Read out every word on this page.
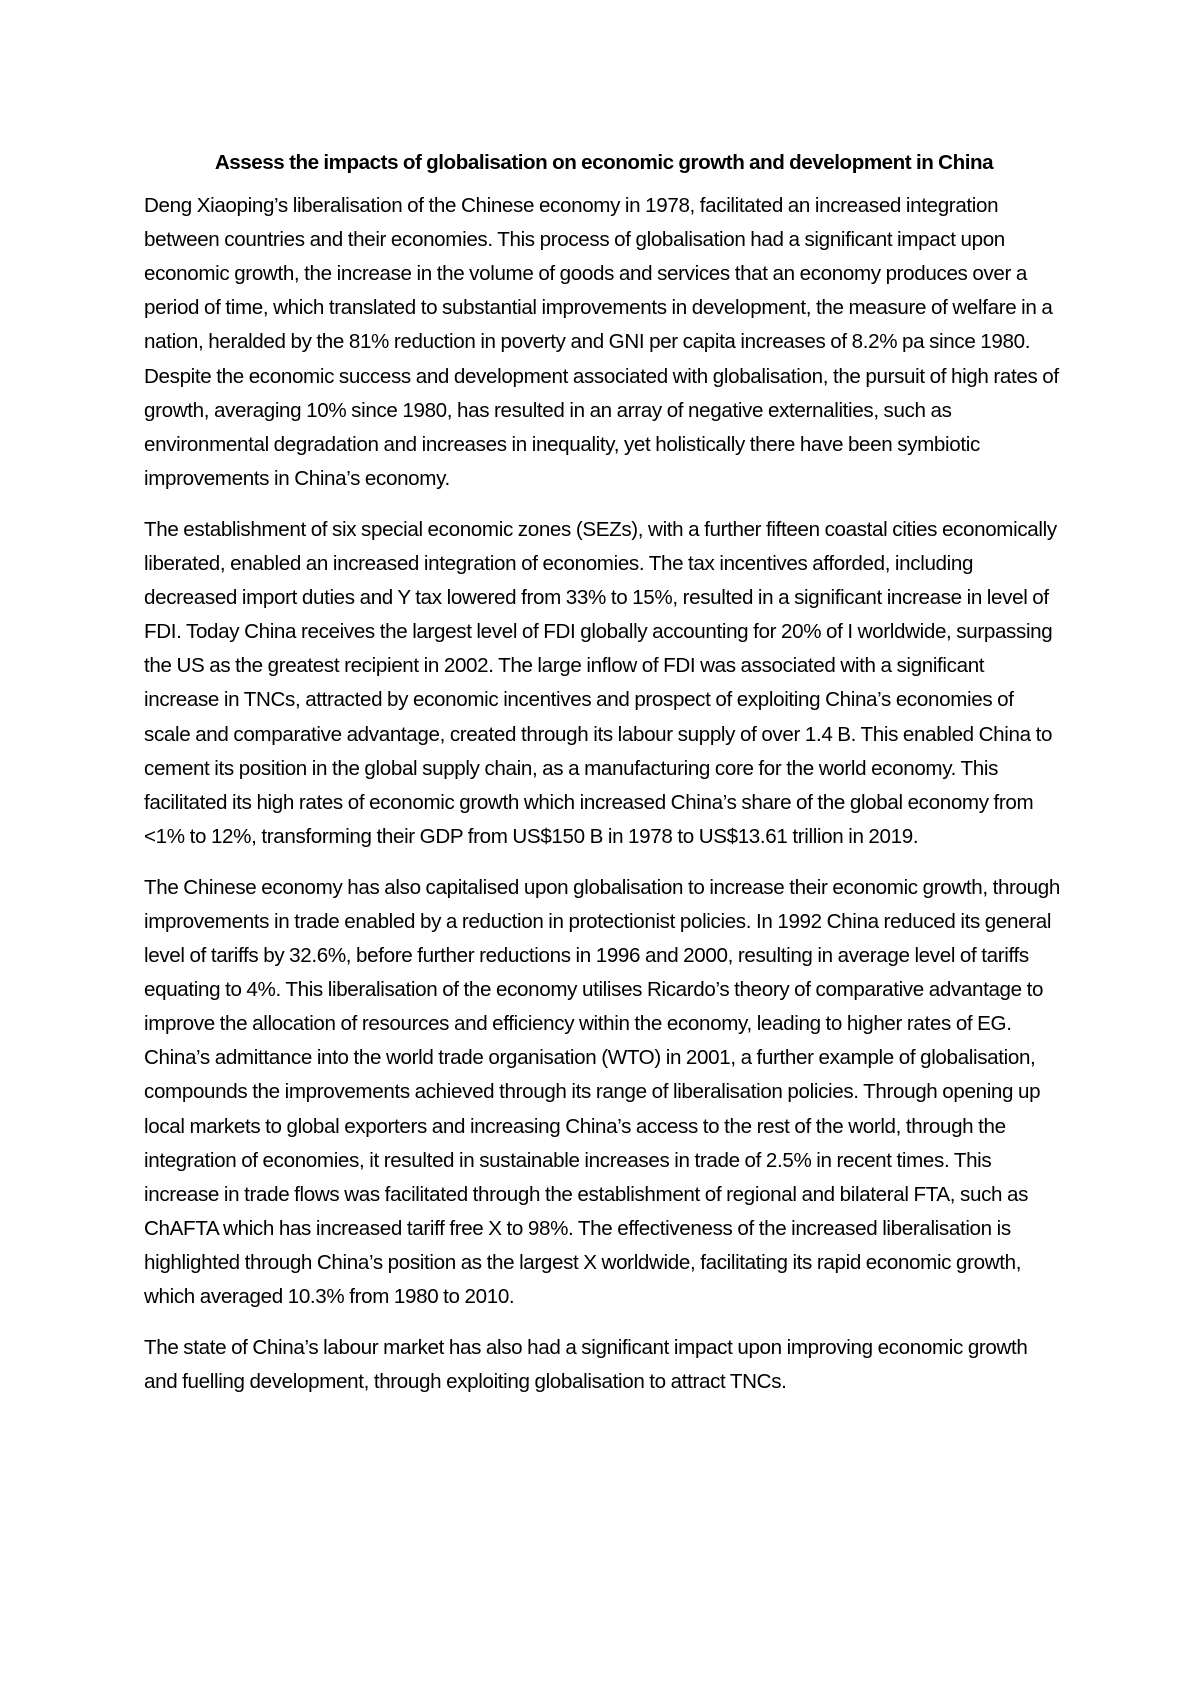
Assess the impacts of globalisation on economic growth and development in China

Deng Xiaoping’s liberalisation of the Chinese economy in 1978, facilitated an increased integration between countries and their economies. This process of globalisation had a significant impact upon economic growth, the increase in the volume of goods and services that an economy produces over a period of time, which translated to substantial improvements in development, the measure of welfare in a nation, heralded by the 81% reduction in poverty and GNI per capita increases of 8.2% pa since 1980. Despite the economic success and development associated with globalisation, the pursuit of high rates of growth, averaging 10% since 1980, has resulted in an array of negative externalities, such as environmental degradation and increases in inequality, yet holistically there have been symbiotic improvements in China’s economy.

The establishment of six special economic zones (SEZs), with a further fifteen coastal cities economically liberated, enabled an increased integration of economies. The tax incentives afforded, including decreased import duties and Y tax lowered from 33% to 15%, resulted in a significant increase in level of FDI. Today China receives the largest level of FDI globally accounting for 20% of I worldwide, surpassing the US as the greatest recipient in 2002. The large inflow of FDI was associated with a significant increase in TNCs, attracted by economic incentives and prospect of exploiting China’s economies of scale and comparative advantage, created through its labour supply of over 1.4 B. This enabled China to cement its position in the global supply chain, as a manufacturing core for the world economy. This facilitated its high rates of economic growth which increased China’s share of the global economy from <1% to 12%, transforming their GDP from US$150 B in 1978 to US$13.61 trillion in 2019.

The Chinese economy has also capitalised upon globalisation to increase their economic growth, through improvements in trade enabled by a reduction in protectionist policies. In 1992 China reduced its general level of tariffs by 32.6%, before further reductions in 1996 and 2000, resulting in average level of tariffs equating to 4%. This liberalisation of the economy utilises Ricardo’s theory of comparative advantage to improve the allocation of resources and efficiency within the economy, leading to higher rates of EG. China’s admittance into the world trade organisation (WTO) in 2001, a further example of globalisation, compounds the improvements achieved through its range of liberalisation policies. Through opening up local markets to global exporters and increasing China’s access to the rest of the world, through the integration of economies, it resulted in sustainable increases in trade of 2.5% in recent times. This increase in trade flows was facilitated through the establishment of regional and bilateral FTA, such as ChAFTA which has increased tariff free X to 98%. The effectiveness of the increased liberalisation is highlighted through China’s position as the largest X worldwide, facilitating its rapid economic growth, which averaged 10.3% from 1980 to 2010.

The state of China’s labour market has also had a significant impact upon improving economic growth and fuelling development, through exploiting globalisation to attract TNCs.
